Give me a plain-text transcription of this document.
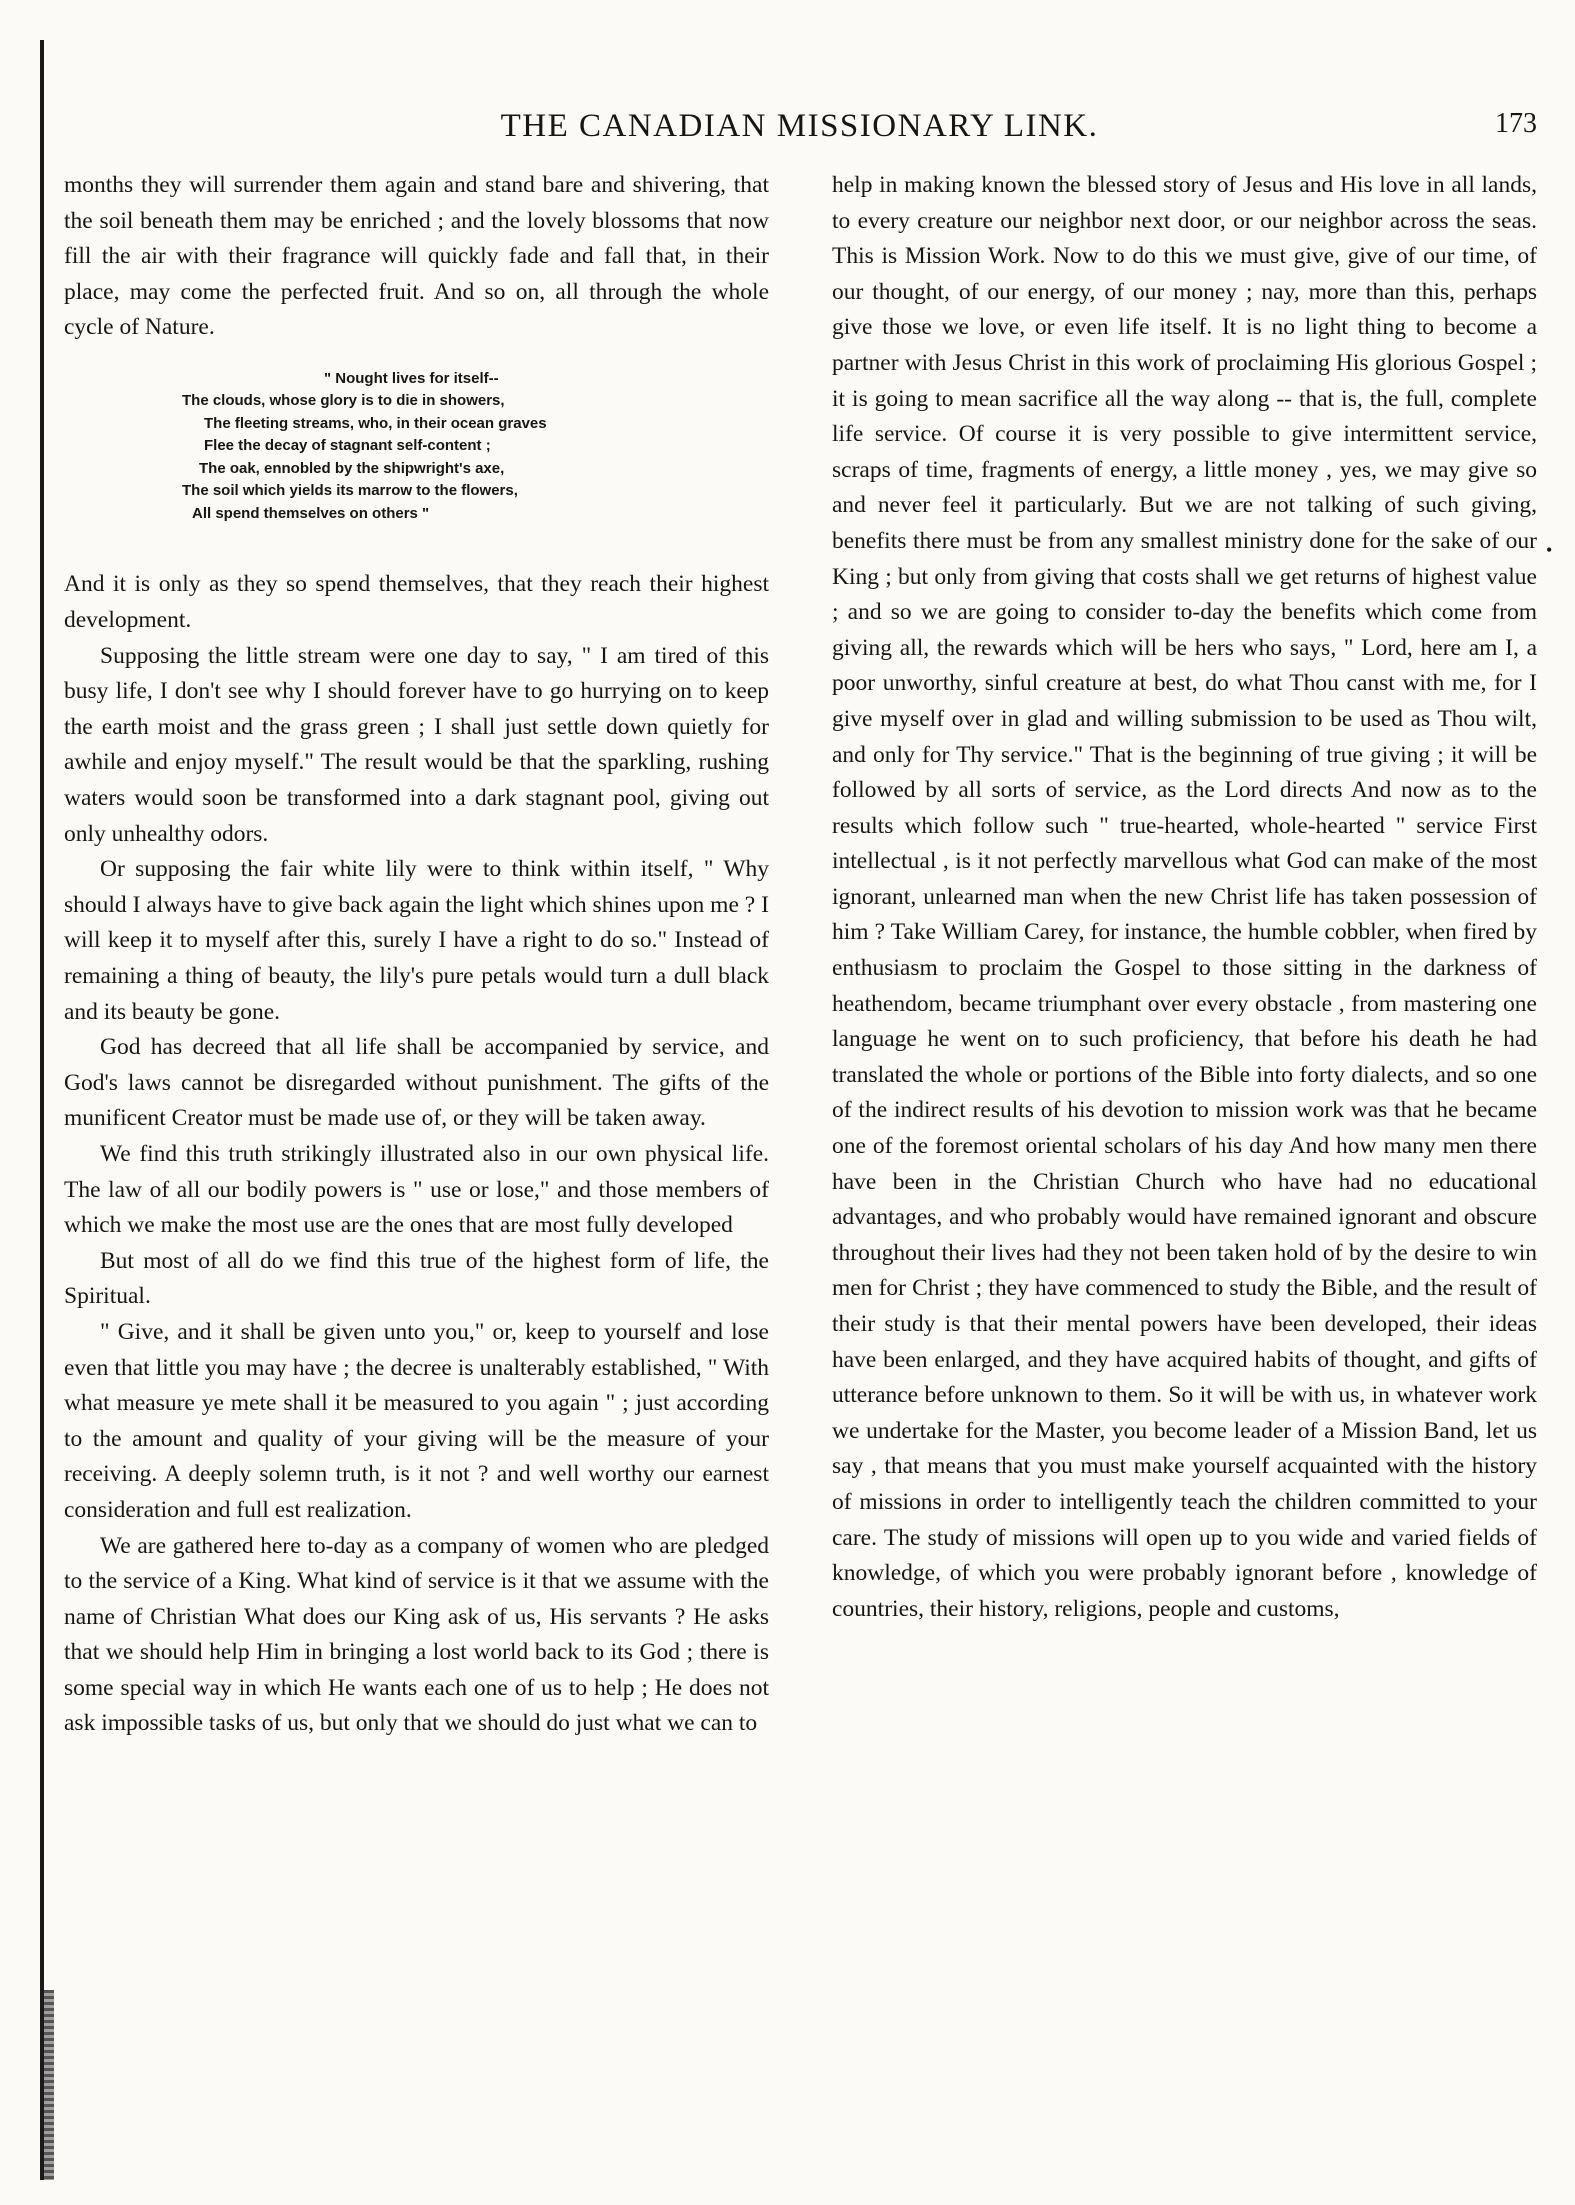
THE CANADIAN MISSIONARY LINK.	173

months they will surrender them again and stand bare and shivering, that the soil beneath them may be enriched ; and the lovely blossoms that now fill the air with their fragrance will quickly fade and fall that, in their place, may come the perfected fruit. And so on, all through the whole cycle of Nature.

" Nought lives for itself--
The clouds, whose glory is to die in showers,
The fleeting streams, who, in their ocean graves
Flee the decay of stagnant self-content ;
The oak, ennobled by the shipwright's axe,
The soil which yields its marrow to the flowers,
All spend themselves on others "

And it is only as they so spend themselves, that they reach their highest development.

Supposing the little stream were one day to say, " I am tired of this busy life, I don't see why I should forever have to go hurrying on to keep the earth moist and the grass green ; I shall just settle down quietly for awhile and enjoy myself." The result would be that the sparkling, rushing waters would soon be transformed into a dark stagnant pool, giving out only unhealthy odors.

Or supposing the fair white lily were to think within itself, " Why should I always have to give back again the light which shines upon me ? I will keep it to myself after this, surely I have a right to do so." Instead of remaining a thing of beauty, the lily's pure petals would turn a dull black and its beauty be gone.

God has decreed that all life shall be accompanied by service, and God's laws cannot be disregarded without punishment. The gifts of the munificent Creator must be made use of, or they will be taken away.

We find this truth strikingly illustrated also in our own physical life. The law of all our bodily powers is " use or lose," and those members of which we make the most use are the ones that are most fully developed

But most of all do we find this true of the highest form of life, the Spiritual.

" Give, and it shall be given unto you," or, keep to yourself and lose even that little you may have ; the decree is unalterably established, " With what measure ye mete shall it be measured to you again " ; just according to the amount and quality of your giving will be the measure of your receiving. A deeply solemn truth, is it not ? and well worthy our earnest consideration and full est realization.

We are gathered here to-day as a company of women who are pledged to the service of a King. What kind of service is it that we assume with the name of Christian What does our King ask of us, His servants ? He asks that we should help Him in bringing a lost world back to its God ; there is some special way in which He wants each one of us to help ; He does not ask impossible tasks of us, but only that we should do just what we can to

help in making known the blessed story of Jesus and His love in all lands, to every creature our neighbor next door, or our neighbor across the seas. This is Mission Work. Now to do this we must give, give of our time, of our thought, of our energy, of our money ; nay, more than this, perhaps give those we love, or even life itself. It is no light thing to become a partner with Jesus Christ in this work of proclaiming His glorious Gospel ; it is going to mean sacrifice all the way along -- that is, the full, complete life service. Of course it is very possible to give intermittent service, scraps of time, fragments of energy, a little money , yes, we may give so and never feel it particularly. But we are not talking of such giving, benefits there must be from any smallest ministry done for the sake of our King ; but only from giving that costs shall we get returns of highest value ; and so we are going to consider to-day the benefits which come from giving all, the rewards which will be hers who says, " Lord, here am I, a poor unworthy, sinful creature at best, do what Thou canst with me, for I give myself over in glad and willing submission to be used as Thou wilt, and only for Thy service." That is the beginning of true giving ; it will be followed by all sorts of service, as the Lord directs And now as to the results which follow such " true-hearted, whole-hearted " service First intellectual , is it not perfectly marvellous what God can make of the most ignorant, unlearned man when the new Christ life has taken possession of him ? Take William Carey, for instance, the humble cobbler, when fired by enthusiasm to proclaim the Gospel to those sitting in the darkness of heathendom, became triumphant over every obstacle , from mastering one language he went on to such proficiency, that before his death he had translated the whole or portions of the Bible into forty dialects, and so one of the indirect results of his devotion to mission work was that he became one of the foremost oriental scholars of his day And how many men there have been in the Christian Church who have had no educational advantages, and who probably would have remained ignorant and obscure throughout their lives had they not been taken hold of by the desire to win men for Christ ; they have commenced to study the Bible, and the result of their study is that their mental powers have been developed, their ideas have been enlarged, and they have acquired habits of thought, and gifts of utterance before unknown to them. So it will be with us, in whatever work we undertake for the Master, you become leader of a Mission Band, let us say , that means that you must make yourself acquainted with the history of missions in order to intelligently teach the children committed to your care. The study of missions will open up to you wide and varied fields of knowledge, of which you were probably ignorant before , knowledge of countries, their history, religions, people and customs,

•
